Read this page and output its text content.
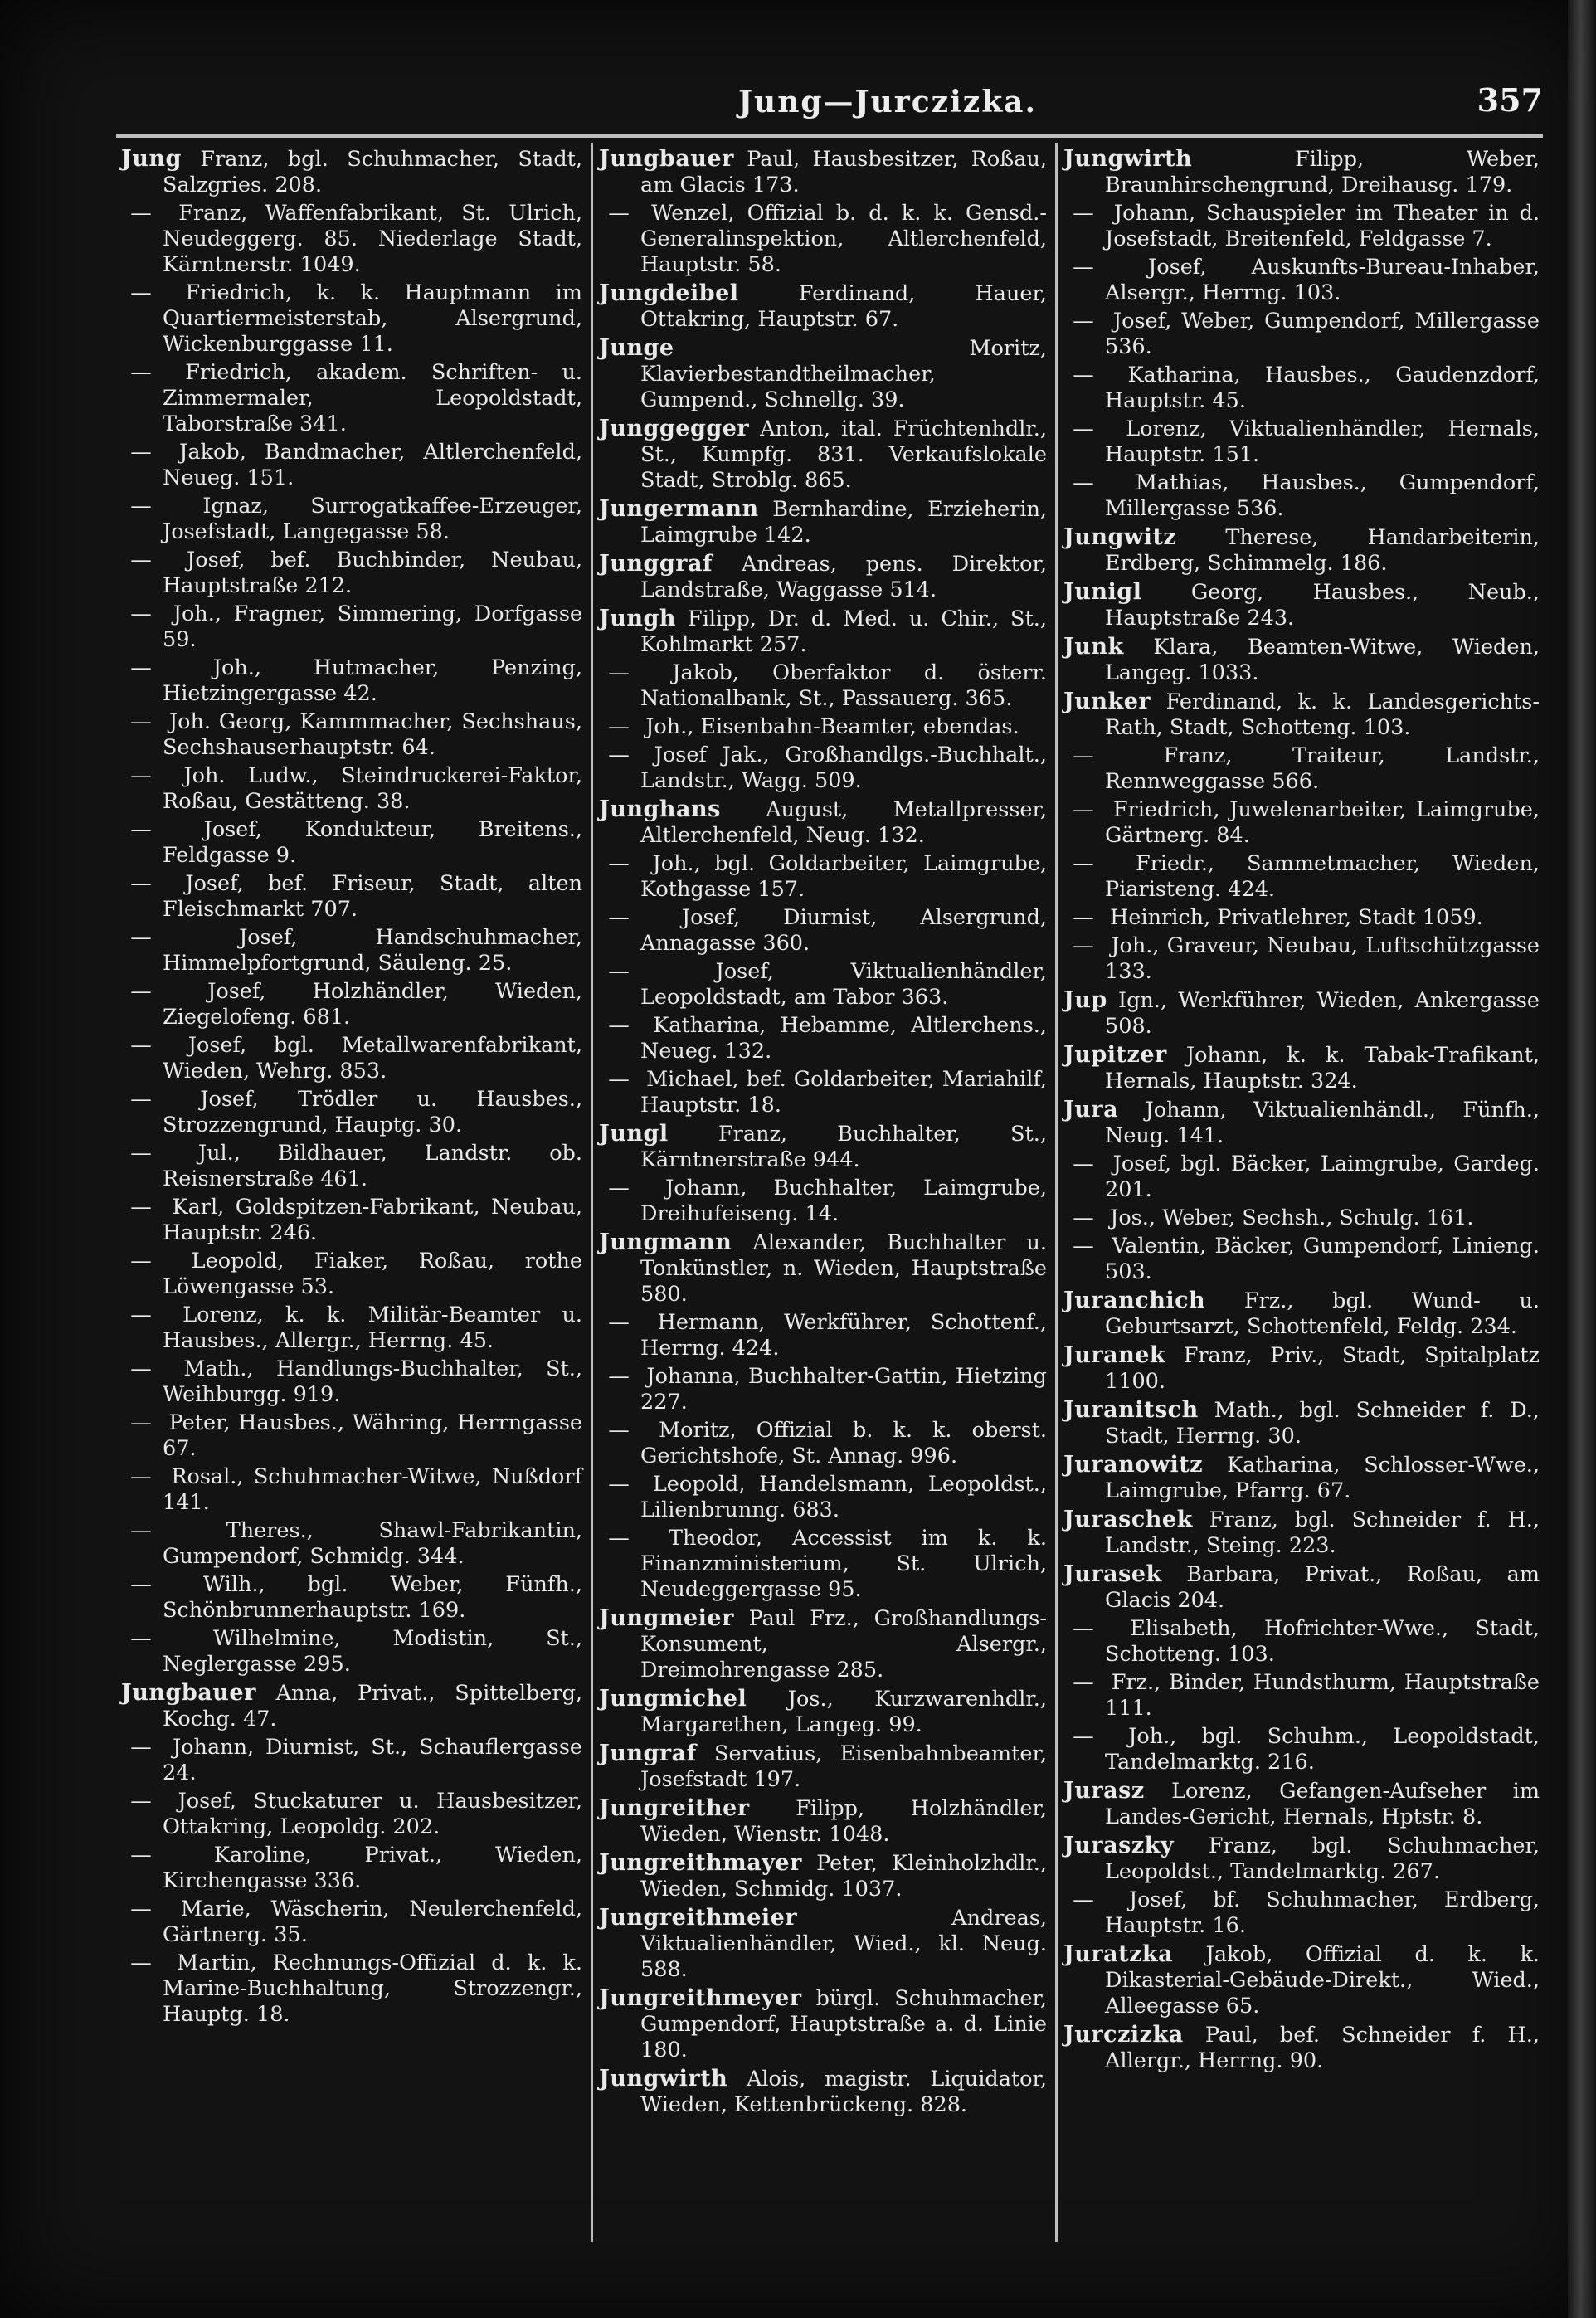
Jung—Jurczizka.	357
Jung Franz, bgl. Schuhmacher, Stadt, Salzgries. 208.
— Franz, Waffenfabrikant, St. Ulrich, Neudeggerg. 85. Niederlage Stadt, Kärntnerstr. 1049.
— Friedrich, k. k. Hauptmann im Quartiermeisterstab, Alsergrund, Wickenburggasse 11.
— Friedrich, akadem. Schriften- u. Zimmermaler, Leopoldstadt, Taborstraße 341.
— Jakob, Bandmacher, Altlerchenfeld, Neueg. 151.
— Ignaz, Surrogatkaffee-Erzeuger, Josefstadt, Langegasse 58.
— Josef, bef. Buchbinder, Neubau, Hauptstraße 212.
— Joh., Fragner, Simmering, Dorfgasse 59.
—	Joh., Hutmacher, Penzing, Hietzingergasse 42.
— Joh. Georg, Kammmacher, Sechshaus, Sechshauserhauptstr. 64.
— Joh. Ludw., Steindruckerei-Faktor, Roßau, Gestätteng. 38.
— Josef, Kondukteur, Breitens., Feldgasse 9.
— Josef, bef. Friseur, Stadt, alten Fleischmarkt 707.
—	Josef, Handschuhmacher, Himmelpfortgrund, Säuleng. 25.
—	Josef, Holzhändler, Wieden, Ziegelofeng. 681.
— Josef, bgl. Metallwarenfabrikant, Wieden, Wehrg. 853.
— Josef, Trödler u. Hausbes., Strozzengrund, Hauptg. 30.
— Jul., Bildhauer, Landstr. ob. Reisnerstraße 461.
— Karl, Goldspitzen-Fabrikant, Neubau, Hauptstr. 246.
— Leopold, Fiaker, Roßau, rothe Löwengasse 53.
— Lorenz, k. k. Militär-Beamter u. Hausbes., Allergr., Herrng. 45.
— Math., Handlungs-Buchhalter, St., Weihburgg. 919.
— Peter, Hausbes., Währing, Herrngasse 67.
— Rosal., Schuhmacher-Witwe, Nußdorf 141.
—	Theres., Shawl-Fabrikantin, Gumpendorf, Schmidg. 344.
— Wilh., bgl. Weber, Fünfh., Schönbrunnerhauptstr. 169.
—	Wilhelmine, Modistin, St., Neglergasse 295.
Jungbauer Anna, Privat., Spittelberg, Kochg. 47.
— Johann, Diurnist, St., Schauflergasse 24.
— Josef, Stuckaturer u. Hausbesitzer, Ottakring, Leopoldg. 202.
—	Karoline, Privat., Wieden, Kirchengasse 336.
— Marie, Wäscherin, Neulerchenfeld, Gärtnerg. 35.
— Martin, Rechnungs-Offizial d. k. k. Marine-Buchhaltung, Strozzengr., Hauptg. 18.
Jungbauer Paul, Hausbesitzer, Roßau, am Glacis 173.
— Wenzel, Offizial b. d. k. k. Gensd.-Generalinspektion, Altlerchenfeld, Hauptstr. 58.
Jungdeibel	Ferdinand, Hauer, Ottakring, Hauptstr. 67.
Junge	Moritz, Klavierbestandtheilmacher, Gumpend., Schnellg. 39.
Junggegger Anton, ital. Früchtenhdlr., St., Kumpfg. 831. Verkaufslokale Stadt, Stroblg. 865.
Jungermann Bernhardine, Erzieherin, Laimgrube 142.
Junggraf Andreas, pens. Direktor, Landstraße, Waggasse 514.
Jungh Filipp, Dr. d. Med. u. Chir., St., Kohlmarkt 257.
— Jakob, Oberfaktor d. österr. Nationalbank, St., Passauerg. 365.
— Joh., Eisenbahn-Beamter, ebendas.
— Josef Jak., Großhandlgs.-Buchhalt., Landstr., Wagg. 509.
Junghans August, Metallpresser, Altlerchenfeld, Neug. 132.
— Joh., bgl. Goldarbeiter, Laimgrube, Kothgasse 157.
— Josef, Diurnist, Alsergrund, Annagasse 360.
—	Josef, Viktualienhändler, Leopoldstadt, am Tabor 363.
— Katharina, Hebamme, Altlerchens., Neueg. 132.
— Michael, bef. Goldarbeiter, Mariahilf, Hauptstr. 18.
Jungl Franz, Buchhalter, St., Kärntnerstraße 944.
— Johann, Buchhalter, Laimgrube, Dreihufeiseng. 14.
Jungmann Alexander, Buchhalter u. Tonkünstler, n. Wieden, Hauptstraße 580.
— Hermann, Werkführer, Schottenf., Herrng. 424.
— Johanna, Buchhalter-Gattin, Hietzing 227.
— Moritz, Offizial b. k. k. oberst. Gerichtshofe, St. Annag. 996.
— Leopold, Handelsmann, Leopoldst., Lilienbrunng. 683.
— Theodor, Accessist im k. k. Finanzministerium, St. Ulrich, Neudeggergasse 95.
Jungmeier Paul Frz., Großhandlungs-Konsument, Alsergr., Dreimohrengasse 285.
Jungmichel Jos., Kurzwarenhdlr., Margarethen, Langeg. 99.
Jungraf Servatius, Eisenbahnbeamter, Josefstadt 197.
Jungreither Filipp, Holzhändler, Wieden, Wienstr. 1048.
Jungreithmayer Peter, Kleinholzhdlr., Wieden, Schmidg. 1037.
Jungreithmeier	Andreas, Viktualienhändler, Wied., kl. Neug. 588.
Jungreithmeyer bürgl. Schuhmacher, Gumpendorf, Hauptstraße a. d. Linie 180.
Jungwirth Alois, magistr. Liquidator, Wieden, Kettenbrückeng. 828.
Jungwirth	Filipp, Weber, Braunhirschengrund, Dreihausg. 179.
— Johann, Schauspieler im Theater in d. Josefstadt, Breitenfeld, Feldgasse 7.
—	Josef, Auskunfts-Bureau-Inhaber, Alsergr., Herrng. 103.
— Josef, Weber, Gumpendorf, Millergasse 536.
— Katharina, Hausbes., Gaudenzdorf, Hauptstr. 45.
— Lorenz, Viktualienhändler, Hernals, Hauptstr. 151.
— Mathias, Hausbes., Gumpendorf, Millergasse 536.
Jungwitz Therese, Handarbeiterin, Erdberg, Schimmelg. 186.
Junigl Georg, Hausbes., Neub., Hauptstraße 243.
Junk Klara, Beamten-Witwe, Wieden, Langeg. 1033.
Junker Ferdinand, k. k. Landesgerichts-Rath, Stadt, Schotteng. 103.
—	Franz, Traiteur, Landstr., Rennweggasse 566.
— Friedrich, Juwelenarbeiter, Laimgrube, Gärtnerg. 84.
— Friedr., Sammetmacher, Wieden, Piaristeng. 424.
— Heinrich, Privatlehrer, Stadt 1059.
— Joh., Graveur, Neubau, Luftschützgasse 133.
Jup Ign., Werkführer, Wieden, Ankergasse 508.
Jupitzer Johann, k. k. Tabak-Trafikant, Hernals, Hauptstr. 324.
Jura Johann, Viktualienhändl., Fünfh., Neug. 141.
— Josef, bgl. Bäcker, Laimgrube, Gardeg. 201.
— Jos., Weber, Sechsh., Schulg. 161.
— Valentin, Bäcker, Gumpendorf, Linieng. 503.
Juranchich Frz., bgl. Wund- u. Geburtsarzt, Schottenfeld, Feldg. 234.
Juranek Franz, Priv., Stadt, Spitalplatz 1100.
Juranitsch Math., bgl. Schneider f. D., Stadt, Herrng. 30.
Juranowitz Katharina, Schlosser-Wwe., Laimgrube, Pfarrg. 67.
Juraschek Franz, bgl. Schneider f. H., Landstr., Steing. 223.
Jurasek Barbara, Privat., Roßau, am Glacis 204.
— Elisabeth, Hofrichter-Wwe., Stadt, Schotteng. 103.
— Frz., Binder, Hundsthurm, Hauptstraße 111.
— Joh., bgl. Schuhm., Leopoldstadt, Tandelmarktg. 216.
Jurasz Lorenz, Gefangen-Aufseher im Landes-Gericht, Hernals, Hptstr. 8.
Juraszky Franz, bgl. Schuhmacher, Leopoldst., Tandelmarktg. 267.
— Josef, bf. Schuhmacher, Erdberg, Hauptstr. 16.
Juratzka Jakob, Offizial d. k. k. Dikasterial-Gebäude-Direkt., Wied., Alleegasse 65.
Jurczizka Paul, bef. Schneider f. H., Allergr., Herrng. 90.
